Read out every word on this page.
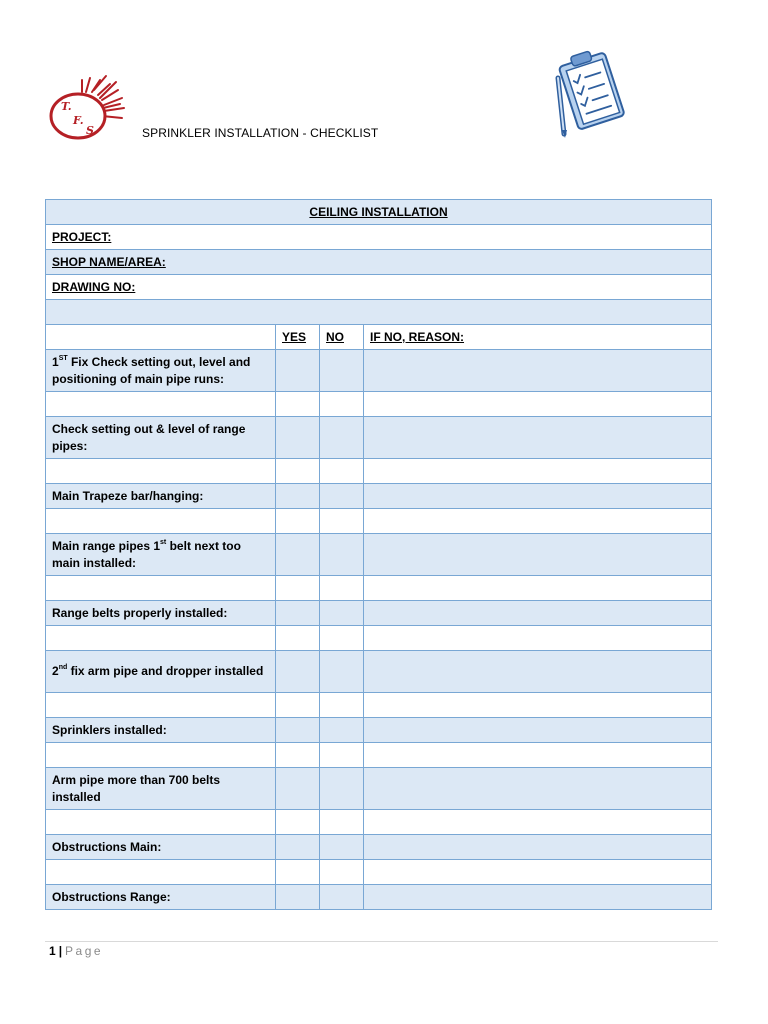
T.
F.
S.	SPRINKLER INSTALLATION - CHECKLIST
CEILING INSTALLATION			
PROJECT:			
SHOP NAME/AREA:			
DRAWING NO:			

	YES	NO	IF NO, REASON:
1ST Fix Check setting out, level and positioning of main pipe runs:			

Check setting out & level of range pipes:			

Main Trapeze bar/hanging:			

Main range pipes 1st belt next too main installed:			

Range belts properly installed:			

2nd fix arm pipe and dropper installed			

Sprinklers installed:			

Arm pipe more than 700 belts installed			

Obstructions Main:			

Obstructions Range:			
1 | Page
